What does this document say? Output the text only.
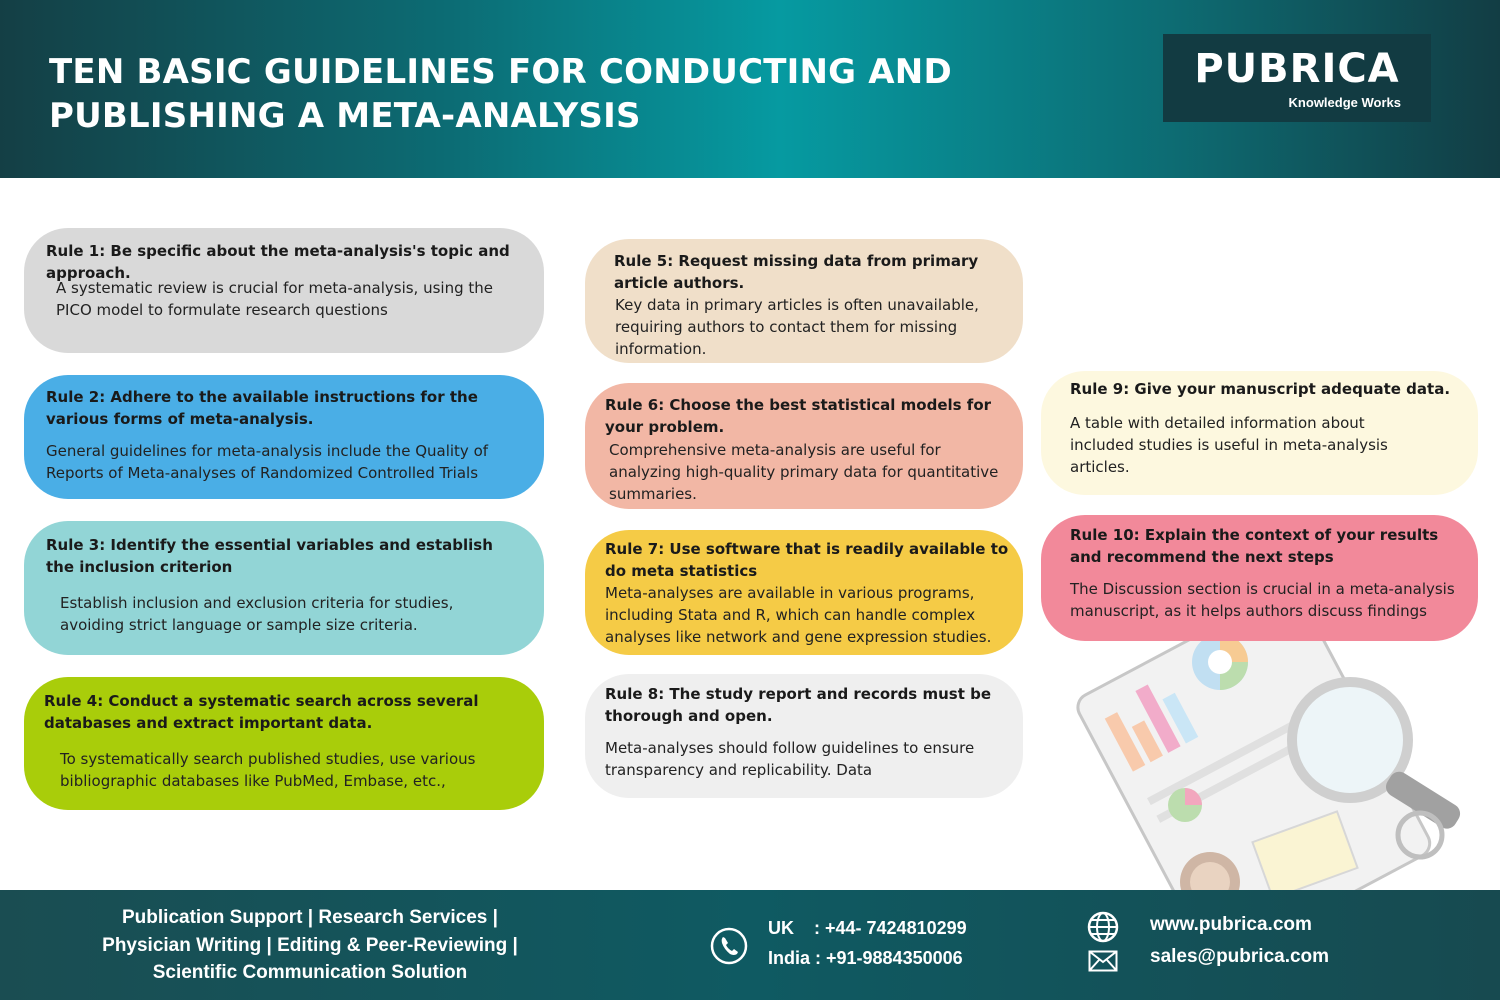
TEN BASIC GUIDELINES FOR CONDUCTING AND
PUBLISHING A META-ANALYSIS
PUBRICA
Knowledge Works
Rule 1: Be specific about the meta-analysis's topic and approach.
A systematic review is crucial for meta-analysis, using the PICO model to formulate research questions
Rule 2: Adhere to the available instructions for the various forms of meta-analysis.
General guidelines for meta-analysis include the Quality of Reports of Meta-analyses of Randomized Controlled Trials
Rule 3: Identify the essential variables and establish the inclusion criterion
Establish inclusion and exclusion criteria for studies, avoiding strict language or sample size criteria.
Rule 4: Conduct a systematic search across several databases and extract important data.
To systematically search published studies, use various bibliographic databases like PubMed, Embase, etc.,
Rule 5: Request missing data from primary article authors.
Key data in primary articles is often unavailable, requiring authors to contact them for missing information.
Rule 6: Choose the best statistical models for your problem.
Comprehensive meta-analysis are useful for analyzing high-quality primary data for quantitative summaries.
Rule 7: Use software that is readily available to do meta statistics
Meta-analyses are available in various programs, including Stata and R, which can handle complex analyses like network and gene expression studies.
Rule 8: The study report and records must be thorough and open.
Meta-analyses should follow guidelines to ensure transparency and replicability. Data
Rule 9: Give your manuscript adequate data.
A table with detailed information about included studies is useful in meta-analysis articles.
Rule 10: Explain the context of your results and recommend the next steps
The Discussion section is crucial in a meta-analysis manuscript, as it helps authors discuss findings
Publication Support | Research Services |
Physician Writing | Editing & Peer-Reviewing |
Scientific Communication Solution
UK    : +44- 7424810299
India : +91-9884350006
www.pubrica.com
sales@pubrica.com
